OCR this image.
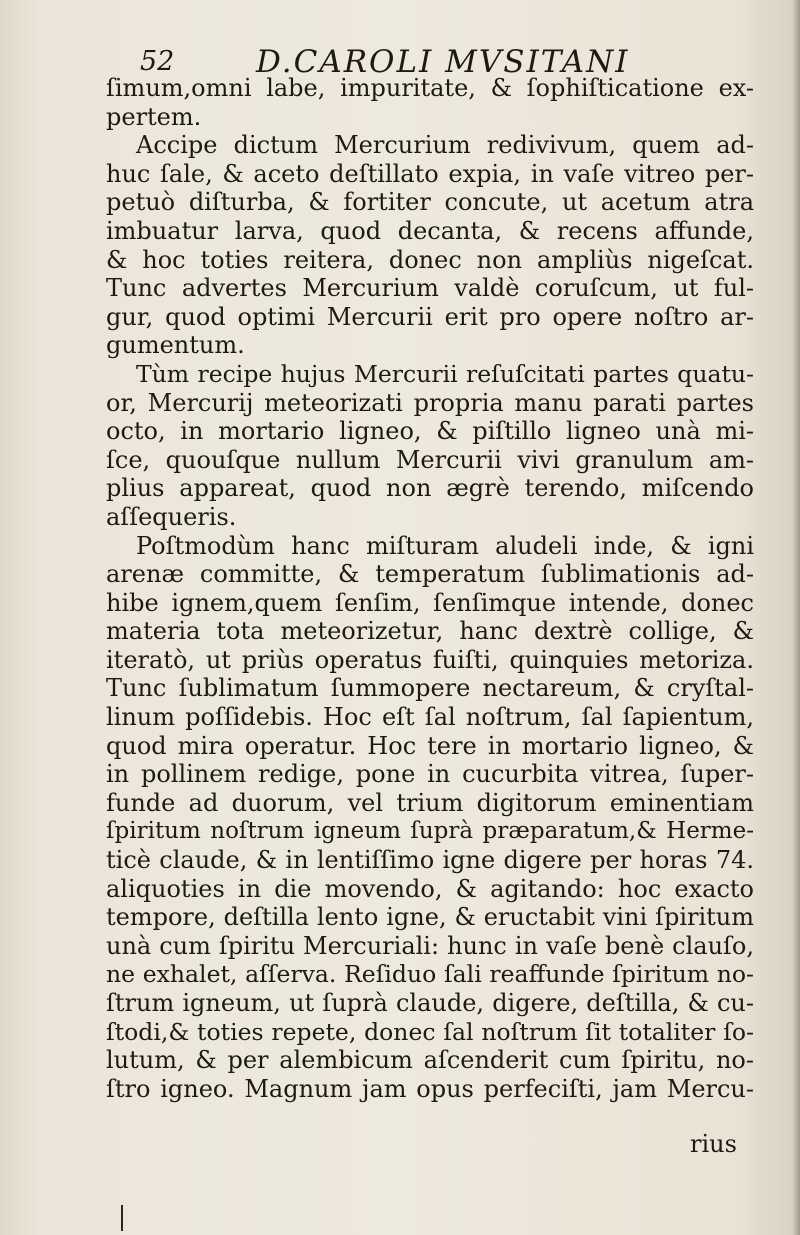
52	D.CAROLI MVSITANI
ſimum,omni labe, impuritate, & ſophiſticatione ex-
pertem.
Accipe dictum Mercurium redivivum, quem ad-
huc ſale, & aceto deſtillato expia, in vaſe vitreo per-
petuò diſturba, & fortiter concute, ut acetum atra
imbuatur larva, quod decanta, & recens affunde,
& hoc toties reitera, donec non ampliùs nigeſcat.
Tunc advertes Mercurium valdè coruſcum, ut ful-
gur, quod optimi Mercurii erit pro opere noſtro ar-
gumentum.
Tùm recipe hujus Mercurii reſuſcitati partes quatu-
or, Mercurij meteorizati propria manu parati partes
octo, in mortario ligneo, & piſtillo ligneo unà mi-
ſce, quouſque nullum Mercurii vivi granulum am-
plius appareat, quod non ægrè terendo, miſcendo
aſſequeris.
Poſtmodùm hanc miſturam aludeli inde, & igni
arenæ committe, & temperatum ſublimationis ad-
hibe ignem,quem ſenſim, ſenſimque intende, donec
materia tota meteorizetur, hanc dextrè collige, &
iteratò, ut priùs operatus fuiſti, quinquies metoriza.
Tunc ſublimatum ſummopere nectareum, & cryſtal-
linum poſſidebis. Hoc eſt ſal noſtrum, ſal ſapientum,
quod mira operatur. Hoc tere in mortario ligneo, &
in pollinem redige, pone in cucurbita vitrea, ſuper-
funde ad duorum, vel trium digitorum eminentiam
ſpiritum noſtrum igneum ſuprà præparatum,& Herme-
ticè claude, & in lentiſſimo igne digere per horas 74.
aliquoties in die movendo, & agitando: hoc exacto
tempore, deſtilla lento igne, & eructabit vini ſpiritum
unà cum ſpiritu Mercuriali: hunc in vaſe benè clauſo,
ne exhalet, aſſerva. Reſiduo ſali reaffunde ſpiritum no-
ſtrum igneum, ut ſuprà claude, digere, deſtilla, & cu-
ſtodi,& toties repete, donec ſal noſtrum ſit totaliter ſo-
lutum, & per alembicum aſcenderit cum ſpiritu, no-
ſtro igneo. Magnum jam opus perfeciſti, jam Mercu-
rius
